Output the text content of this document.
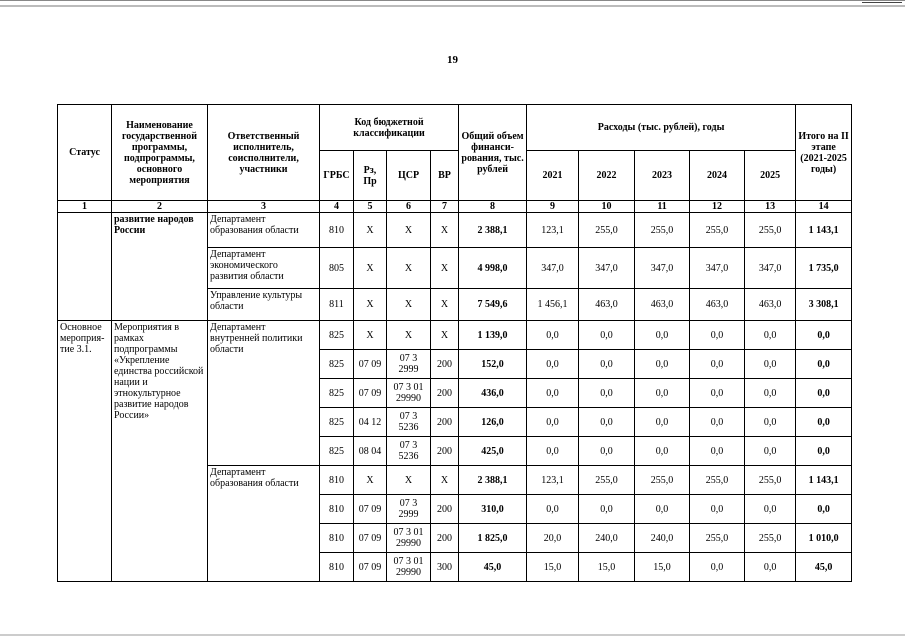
19
Статус	Наименование государственной программы, подпрограммы, основного мероприятия	Ответственный исполнитель, соисполнители, участники	Код бюджетной классификации				Общий объем финанси- рования, тыс. рублей	Расходы (тыс. рублей), годы					Итого на II этапе (2021-2025 годы)
			ГРБС	Рз, Пр	ЦСР	ВР		2021	2022	2023	2024	2025	
1	2	3	4	5	6	7	8	9	10	11	12	13	14
	развитие народов России	Департамент образования области	810	Х	Х	Х	2 388,1	123,1	255,0	255,0	255,0	255,0	1 143,1
		Департамент экономического развития области	805	Х	Х	Х	4 998,0	347,0	347,0	347,0	347,0	347,0	1 735,0
		Управление культуры области	811	Х	Х	Х	7 549,6	1 456,1	463,0	463,0	463,0	463,0	3 308,1
Основное мероприя- тие 3.1.	Мероприятия в рамках подпрограммы «Укрепление единства российской нации и этнокультурное развитие народов России»	Департамент внутренней политики области	825	Х	Х	Х	1 139,0	0,0	0,0	0,0	0,0	0,0	0,0
			825	07 09	07 3 2999	200	152,0	0,0	0,0	0,0	0,0	0,0	0,0
			825	07 09	07 3 01 29990	200	436,0	0,0	0,0	0,0	0,0	0,0	0,0
			825	04 12	07 3 5236	200	126,0	0,0	0,0	0,0	0,0	0,0	0,0
			825	08 04	07 3 5236	200	425,0	0,0	0,0	0,0	0,0	0,0	0,0
		Департамент образования области	810	Х	Х	Х	2 388,1	123,1	255,0	255,0	255,0	255,0	1 143,1
			810	07 09	07 3 2999	200	310,0	0,0	0,0	0,0	0,0	0,0	0,0
			810	07 09	07 3 01 29990	200	1 825,0	20,0	240,0	240,0	255,0	255,0	1 010,0
			810	07 09	07 3 01 29990	300	45,0	15,0	15,0	15,0	0,0	0,0	45,0
